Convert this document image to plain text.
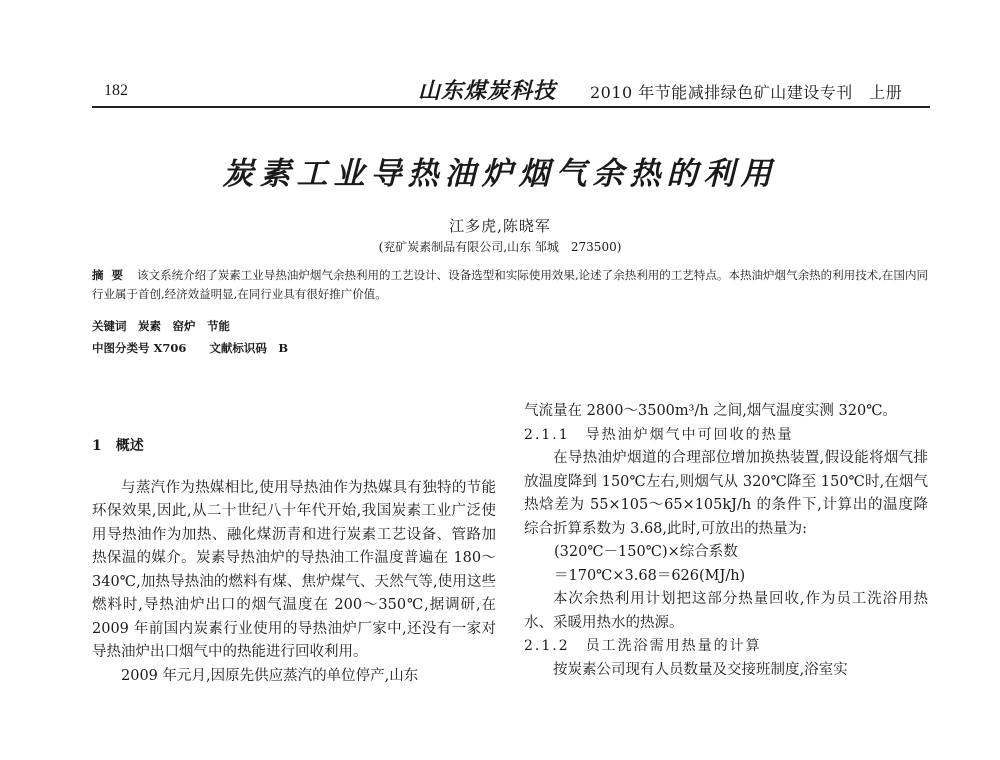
182	山东煤炭科技 2010 年节能减排绿色矿山建设专刊　上册
炭素工业导热油炉烟气余热的利用
江多虎,陈晓军
(兖矿炭素制品有限公司,山东 邹城　273500)
摘要 该文系统介绍了炭素工业导热油炉烟气余热利用的工艺设计、设备选型和实际使用效果,论述了余热利用的工艺特点。本热油炉烟气余热的利用技术,在国内同行业属于首创,经济效益明显,在同行业具有很好推广价值。
关键词　炭素　窑炉　节能
中图分类号 X706　　文献标识码　B

1　概述

与蒸汽作为热媒相比,使用导热油作为热媒具有独特的节能环保效果,因此,从二十世纪八十年代开始,我国炭素工业广泛使用导热油作为加热、融化煤沥青和进行炭素工艺设备、管路加热保温的媒介。炭素导热油炉的导热油工作温度普遍在 180～340℃,加热导热油的燃料有煤、焦炉煤气、天然气等,使用这些燃料时,导热油炉出口的烟气温度在 200～350℃,据调研,在 2009 年前国内炭素行业使用的导热油炉厂家中,还没有一家对导热油炉出口烟气中的热能进行回收利用。

2009 年元月,因原先供应蒸汽的单位停产,山东

气流量在 2800～3500m³/h 之间,烟气温度实测 320℃。

2.1.1　导热油炉烟气中可回收的热量

在导热油炉烟道的合理部位增加换热装置,假设能将烟气排放温度降到 150℃左右,则烟气从 320℃降至 150℃时,在烟气热焓差为 55×105～65×105kJ/h 的条件下,计算出的温度降综合折算系数为 3.68,此时,可放出的热量为:

(320℃－150℃)×综合系数

＝170℃×3.68＝626(MJ/h)

本次余热利用计划把这部分热量回收,作为员工洗浴用热水、采暖用热水的热源。

2.1.2　员工洗浴需用热量的计算

按炭素公司现有人员数量及交接班制度,浴室实
